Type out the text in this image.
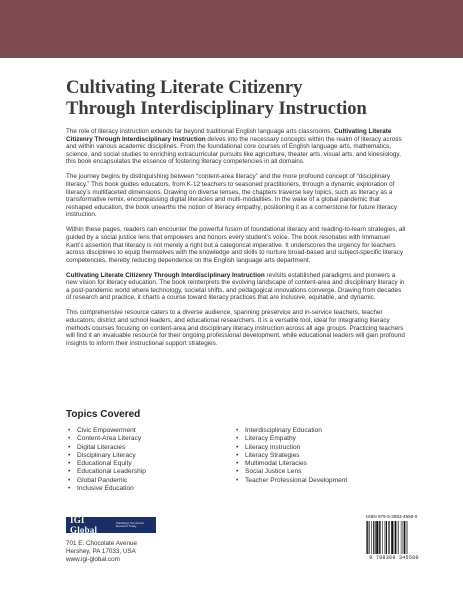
Cultivating Literate Citizenry
Through Interdisciplinary Instruction

The role of literacy instruction extends far beyond traditional English language arts classrooms. Cultivating Literate Citizenry Through Interdisciplinary Instruction delves into the necessary concepts within the realm of literacy across and within various academic disciplines. From the foundational core courses of English language arts, mathematics, science, and social studies to enriching extracurricular pursuits like agriculture, theater arts, visual arts, and kinesiology, this book encapsulates the essence of fostering literacy competencies in all domains.

The journey begins by distinguishing between “content-area literacy” and the more profound concept of “disciplinary literacy.” This book guides educators, from K-12 teachers to seasoned practitioners, through a dynamic exploration of literacy’s multifaceted dimensions. Drawing on diverse lenses, the chapters traverse key topics, such as literacy as a transformative remix, encompassing digital literacies and multi-modalities. In the wake of a global pandemic that reshaped education, the book unearths the notion of literacy empathy, positioning it as a cornerstone for future literacy instruction.

Within these pages, readers can encounter the powerful fusion of foundational literacy and reading-to-learn strategies, all guided by a social justice lens that empowers and honors every student’s voice. The book resonates with Immanuel Kant’s assertion that literacy is not merely a right but a categorical imperative. It underscores the urgency for teachers across disciplines to equip themselves with the knowledge and skills to nurture broad-based and subject-specific literacy competencies, thereby reducing dependence on the English language arts department.

Cultivating Literate Citizenry Through Interdisciplinary Instruction revisits established paradigms and pioneers a new vision for literacy education. The book reinterprets the evolving landscape of content-area and disciplinary literacy in a post-pandemic world where technology, societal shifts, and pedagogical innovations converge. Drawing from decades of research and practice, it charts a course toward literacy practices that are inclusive, equitable, and dynamic.

This comprehensive resource caters to a diverse audience, spanning preservice and in-service teachers, teacher educators, district and school leaders, and educational researchers. It is a versatile tool, ideal for integrating literacy methods courses focusing on content-area and disciplinary literacy instruction across all age groups. Practicing teachers will find it an invaluable resource for their ongoing professional development, while educational leaders will gain profound insights to inform their instructional support strategies.

Topics Covered
• Civic Empowerment
• Content-Area Literacy
• Digital Literacies
• Disciplinary Literacy
• Educational Equity
• Educational Leadership
• Global Pandemic
• Inclusive Education
• Interdisciplinary Education
• Literacy Empathy
• Literacy Instruction
• Literacy Strategies
• Multimodal Literacies
• Social Justice Lens
• Teacher Professional Development
IGI Global
Publishing Tomorrow’s Research Today
701 E. Chocolate Avenue
Hershey, PA 17033, USA
www.igi-global.com
ISBN 979-8-3693-4558-0
9 798369 345580
